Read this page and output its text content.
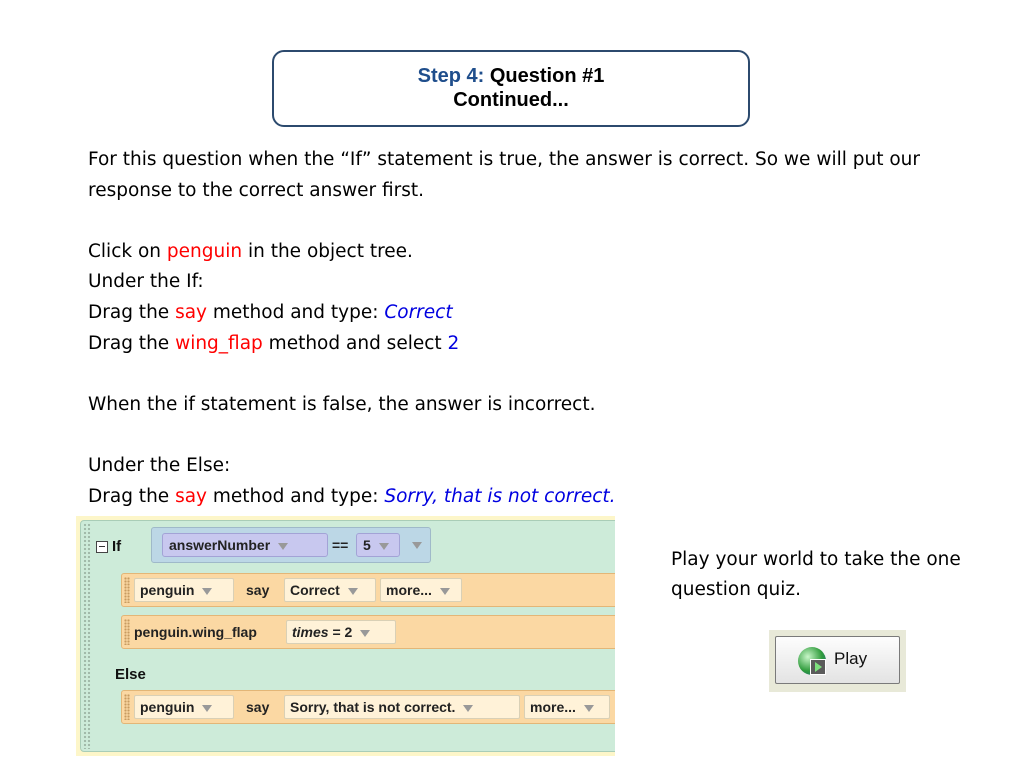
Step 4: Question #1
Continued...

For this question when the “If” statement is true, the answer is correct. So we will put our response to the correct answer first.

Click on penguin in the object tree.

Under the If:

Drag the say method and type: Correct

Drag the wing_flap method and select 2

When the if statement is false, the answer is incorrect.

Under the Else:

Drag the say method and type: Sorry, that is not correct.

If	answerNumber	==	5
penguin	say	Correct	more...
penguin.wing_flap	times = 2
Else
penguin	say	Sorry, that is not correct.	more...
Play your world to take the one question quiz.
Play
